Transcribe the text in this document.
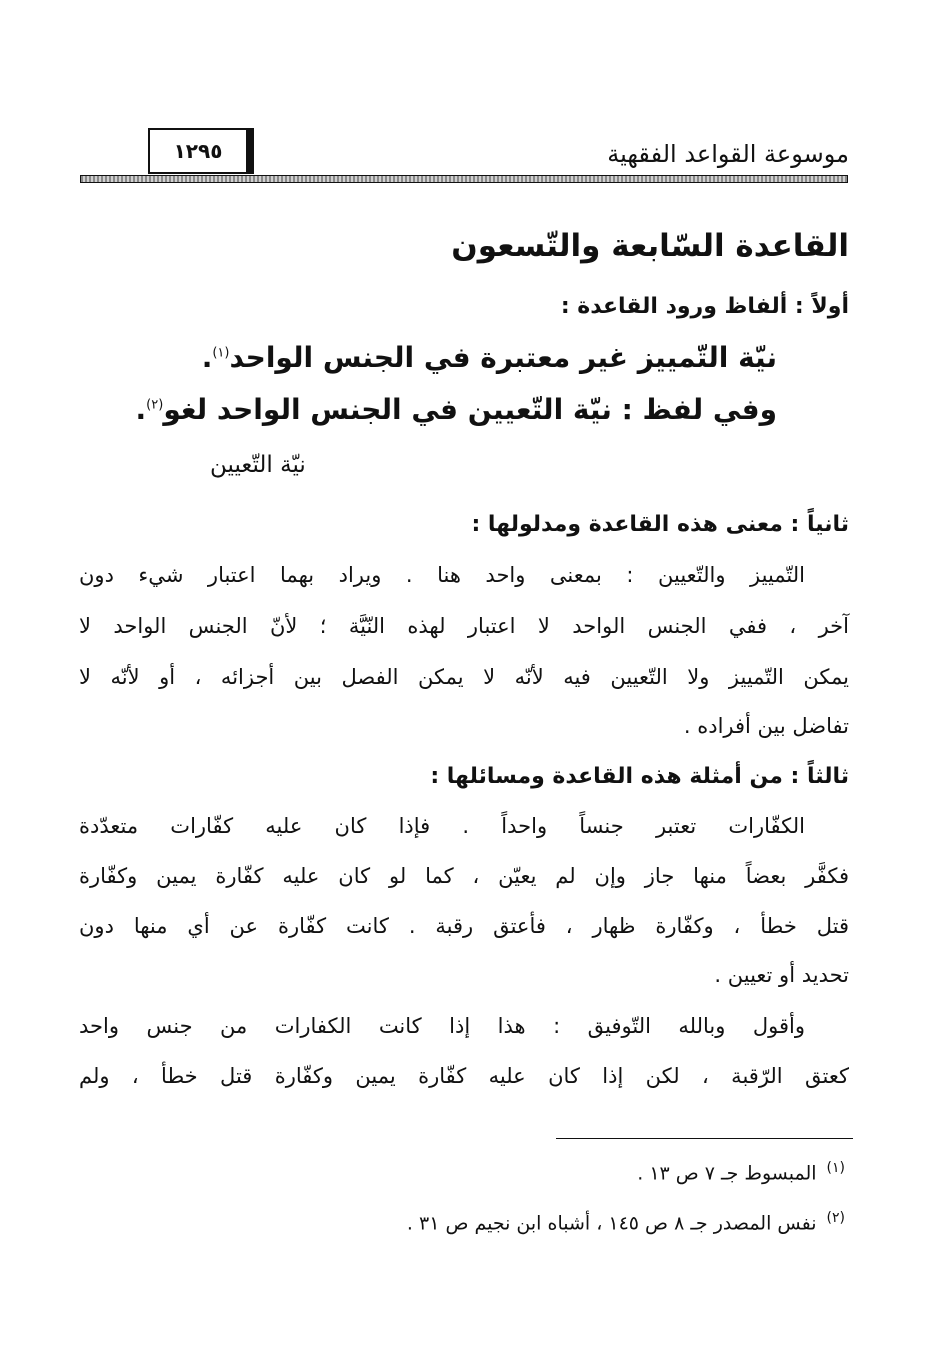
موسوعة القواعد الفقهية
١٢٩٥
القاعدة السّابعة والتّسعون
أولاً : ألفاظ ورود القاعدة :
نيّة التّمييز غير معتبرة في الجنس الواحد$^{(١)}$.
وفي لفظ : نيّة التّعيين في الجنس الواحد لغو$^{(٢)}$.
نيّة التّعيين
ثانياً : معنى هذه القاعدة ومدلولها :
التّمييز والتّعيين : بمعنى واحد هنا . ويراد بهما اعتبار شيء دون
آخر ، ففي الجنس الواحد لا اعتبار لهذه النّيَّة ؛ لأنّ الجنس الواحد لا
يمكن التّمييز ولا التّعيين فيه لأنّه لا يمكن الفصل بين أجزائه ، أو لأنّه لا
تفاضل بين أفراده .
ثالثاً : من أمثلة هذه القاعدة ومسائلها :
الكفّارات تعتبر جنساً واحداً . فإذا كان عليه كفّارات متعدّدة
فكفَّر بعضاً منها جاز وإن لم يعيّن ، كما لو كان عليه كفّارة يمين وكفّارة
قتل خطأ ، وكفّارة ظهار ، فأعتق رقبة . كانت كفّارة عن أي منها دون
تحديد أو تعيين .
وأقول وبالله التّوفيق : هذا إذا كانت الكفارات من جنس واحد
كعتق الرّقبة ، لكن إذا كان عليه كفّارة يمين وكفّارة قتل خطأ ، ولم
$^{(١)}$المبسوط جـ ٧ ص ١٣ .
$^{(٢)}$نفس المصدر جـ ٨ ص ١٤٥ ، أشباه ابن نجيم ص ٣١ .
